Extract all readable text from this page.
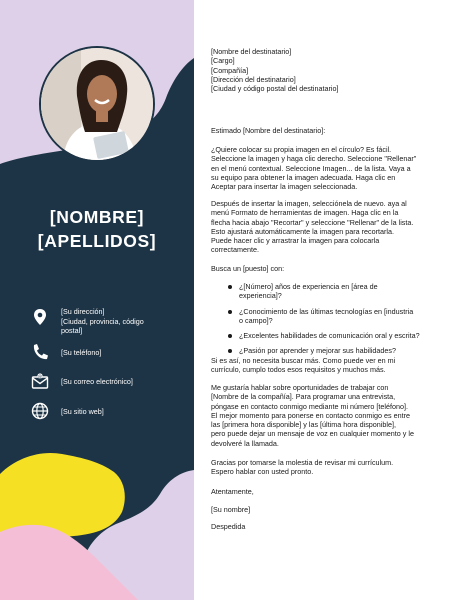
[NOMBRE]
[APELLIDOS]
[Su dirección]
[Ciudad, provincia, código
postal]
[Su teléfono]
@
[Su correo electrónico]
[Su sitio web]

[Nombre del destinatario]

[Cargo]

[Compañía]

[Dirección del destinatario]

[Ciudad y código postal del destinatario]

Estimado [Nombre del destinatario]:

¿Quiere colocar su propia imagen en el círculo? Es fácil.

Seleccione la imagen y haga clic derecho. Seleccione "Rellenar"

en el menú contextual. Seleccione Imagen... de la lista. Vaya a

su equipo para obtener la imagen adecuada. Haga clic en

Aceptar para insertar la imagen seleccionada.

Después de insertar la imagen, selecciónela de nuevo. aya al

menú Formato de herramientas de imagen. Haga clic en la

flecha hacia abajo "Recortar" y seleccione "Rellenar" de la lista.

Esto ajustará automáticamente la imagen para recortarla.

Puede hacer clic y arrastrar la imagen para colocarla

correctamente.

Busca un [puesto] con:

¿[Número] años de experiencia en [área de
experiencia]?
¿Conocimiento de las últimas tecnologías en [industria
o campo]?
¿Excelentes habilidades de comunicación oral y escrita?
¿Pasión por aprender y mejorar sus habilidades?

Si es así, no necesita buscar más. Como puede ver en mi

currículo, cumplo todos esos requisitos y muchos más.

Me gustaría hablar sobre oportunidades de trabajar con

[Nombre de la compañía]. Para programar una entrevista,

póngase en contacto conmigo mediante mi número [teléfono].

El mejor momento para ponerse en contacto conmigo es entre

las [primera hora disponible] y las [última hora disponible],

pero puede dejar un mensaje de voz en cualquier momento y le

devolveré la llamada.

Gracias por tomarse la molestia de revisar mi currículum.

Espero hablar con usted pronto.

Atentamente,

[Su nombre]

Despedida
